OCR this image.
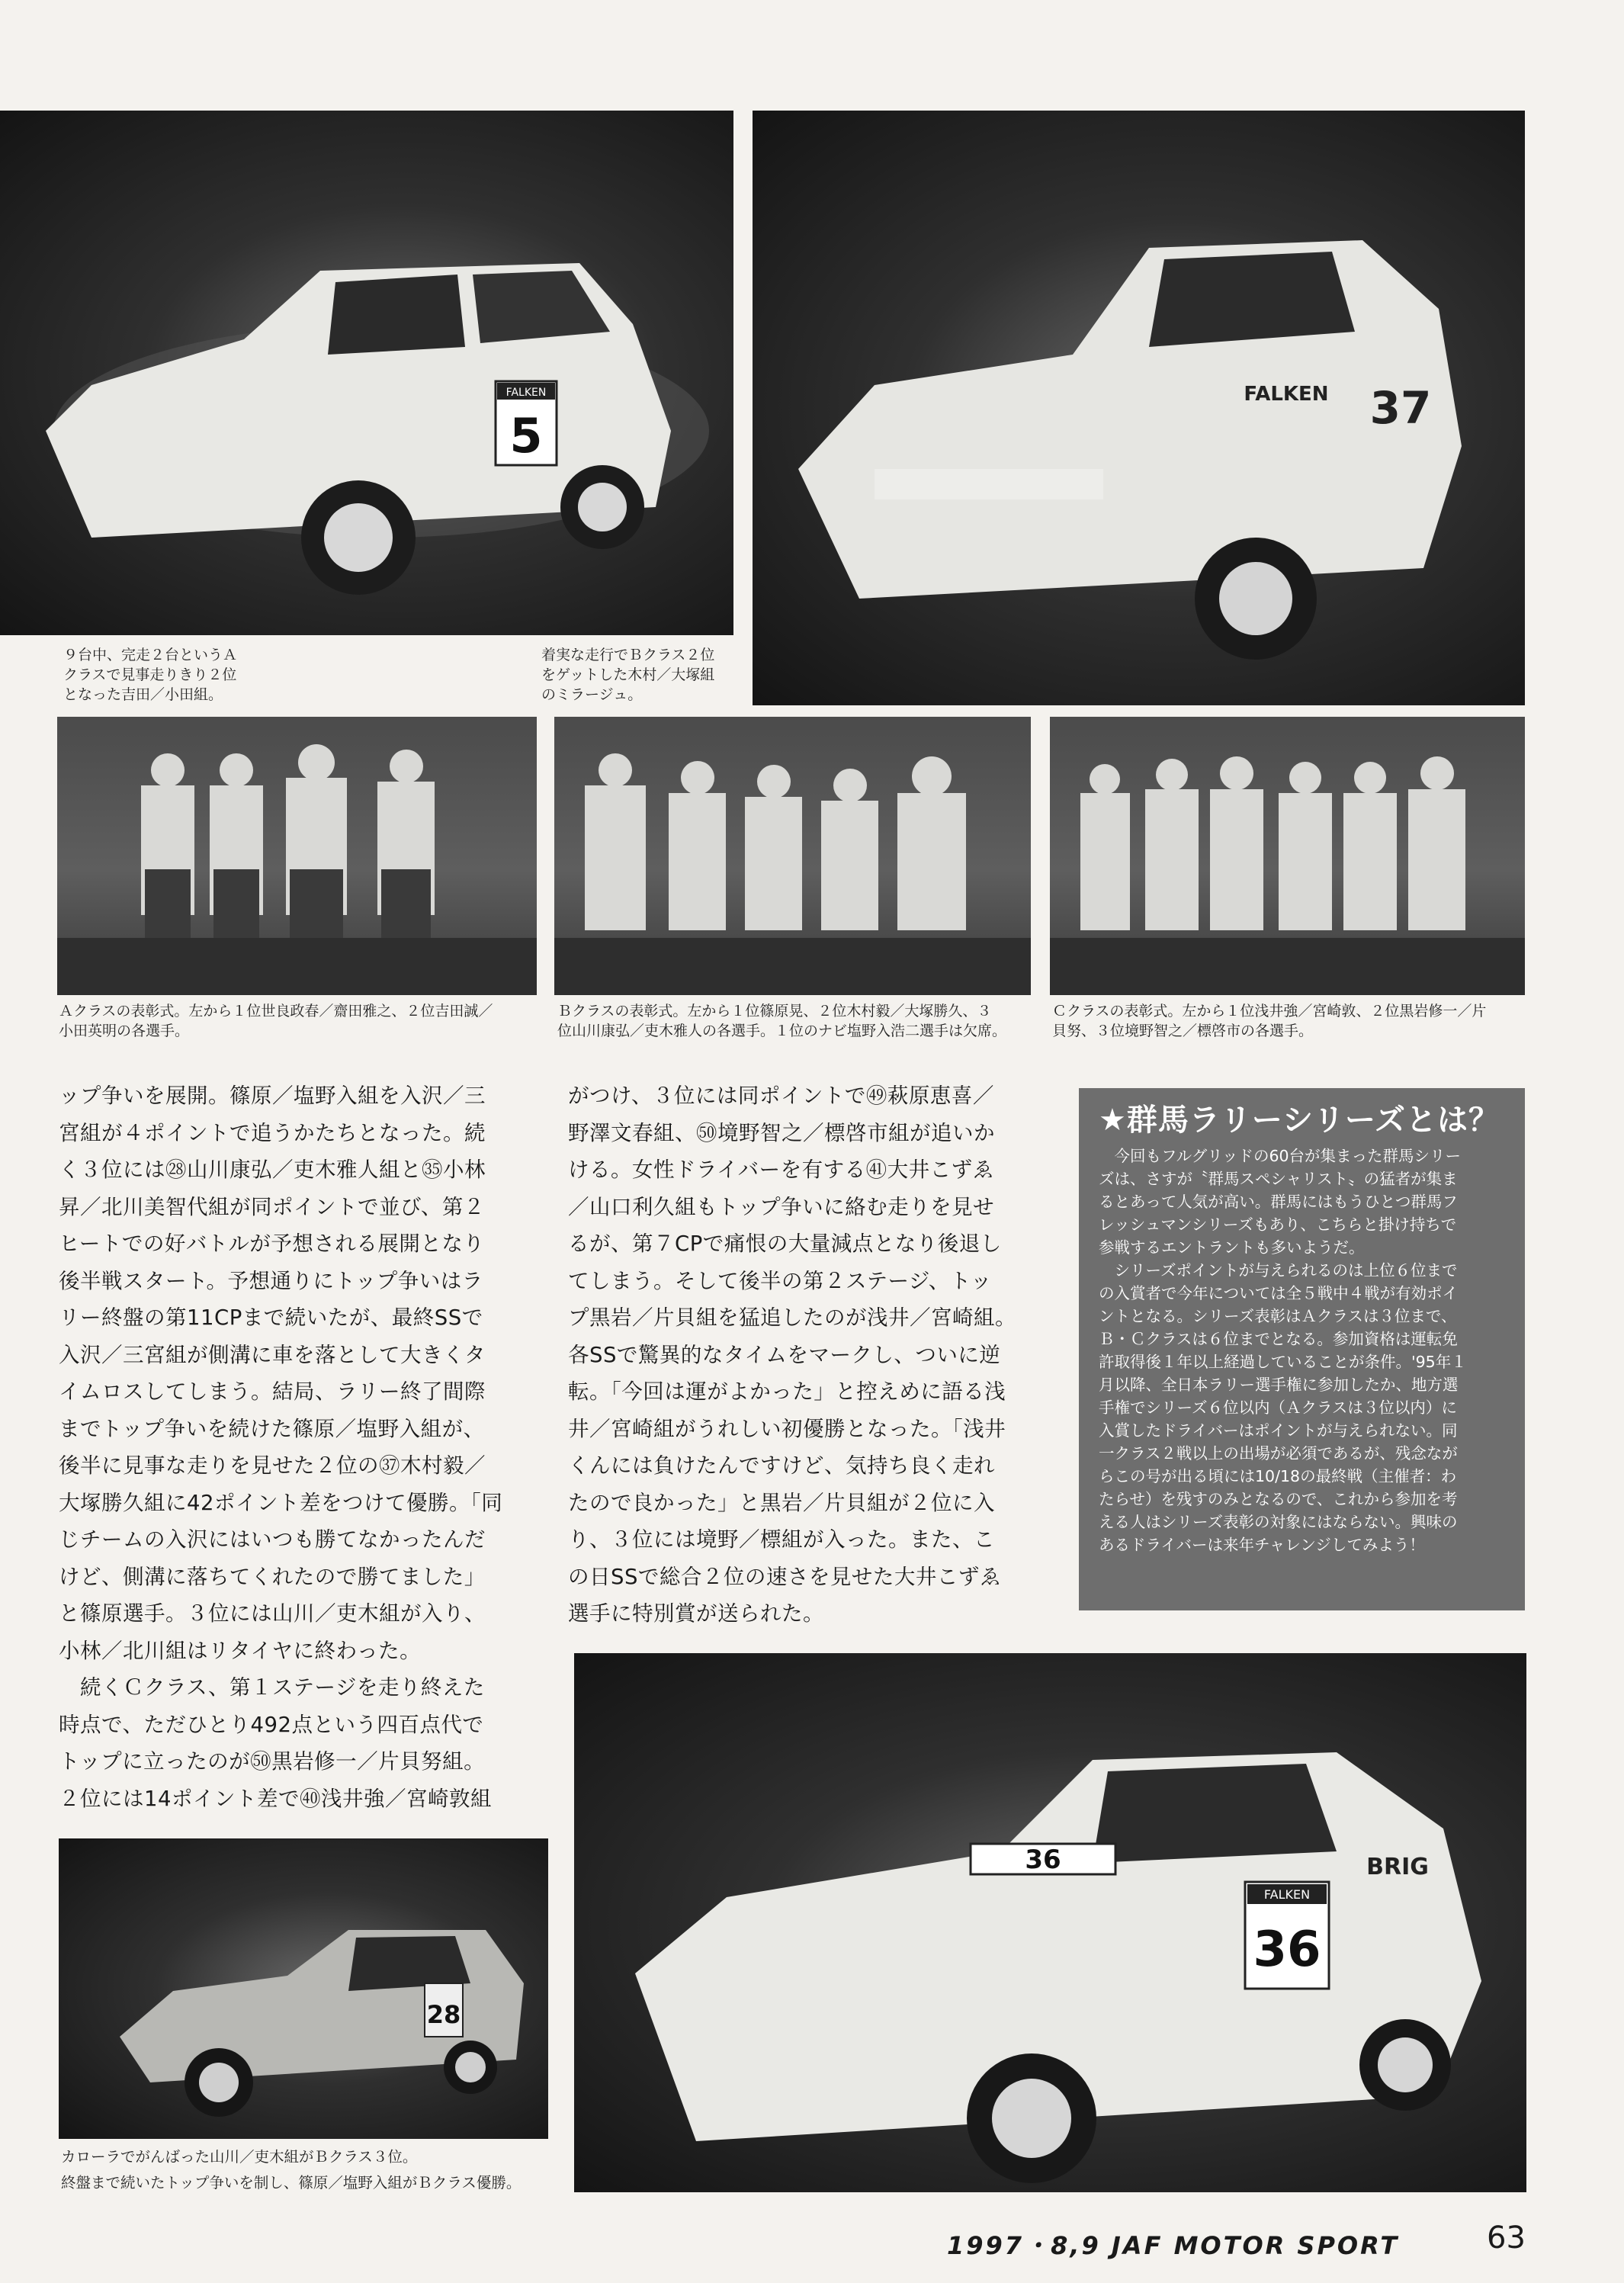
FALKEN
5
FALKEN 37
９台中、完走２台というＡ
クラスで見事走りきり２位
となった吉田／小田組。
着実な走行でＢクラス２位
をゲットした木村／大塚組
のミラージュ。
Ａクラスの表彰式。左から１位世良政春／齋田雅之、２位吉田誠／
小田英明の各選手。
Ｂクラスの表彰式。左から１位篠原晃、２位木村毅／大塚勝久、３
位山川康弘／吏木雅人の各選手。１位のナビ塩野入浩二選手は欠席。
Ｃクラスの表彰式。左から１位浅井強／宮崎敦、２位黒岩修一／片
貝努、３位境野智之／標啓市の各選手。
ップ争いを展開。篠原／塩野入組を入沢／三
宮組が４ポイントで追うかたちとなった。続
く３位には㉘山川康弘／吏木雅人組と㉟小林
昇／北川美智代組が同ポイントで並び、第２
ヒートでの好バトルが予想される展開となり
後半戦スタート。予想通りにトップ争いはラ
リー終盤の第11CPまで続いたが、最終SSで
入沢／三宮組が側溝に車を落として大きくタ
イムロスしてしまう。結局、ラリー終了間際
までトップ争いを続けた篠原／塩野入組が、
後半に見事な走りを見せた２位の㊲木村毅／
大塚勝久組に42ポイント差をつけて優勝。「同
じチームの入沢にはいつも勝てなかったんだ
けど、側溝に落ちてくれたので勝てました」
と篠原選手。３位には山川／吏木組が入り、
小林／北川組はリタイヤに終わった。
　続くＣクラス、第１ステージを走り終えた
時点で、ただひとり492点という四百点代で
トップに立ったのが㊿黒岩修一／片貝努組。
２位には14ポイント差で㊵浅井強／宮崎敦組
がつけ、３位には同ポイントで㊾萩原恵喜／
野澤文春組、㊿境野智之／標啓市組が追いか
ける。女性ドライバーを有する㊶大井こずゑ
／山口利久組もトップ争いに絡む走りを見せ
るが、第７CPで痛恨の大量減点となり後退し
てしまう。そして後半の第２ステージ、トッ
プ黒岩／片貝組を猛追したのが浅井／宮崎組。
各SSで驚異的なタイムをマークし、ついに逆
転。「今回は運がよかった」と控えめに語る浅
井／宮崎組がうれしい初優勝となった。「浅井
くんには負けたんですけど、気持ち良く走れ
たので良かった」と黒岩／片貝組が２位に入
り、３位には境野／標組が入った。また、こ
の日SSで総合２位の速さを見せた大井こずゑ
選手に特別賞が送られた。
★群馬ラリーシリーズとは？

　今回もフルグリッドの60台が集まった群馬シリー
ズは、さすが〝群馬スペシャリスト〟の猛者が集ま
るとあって人気が高い。群馬にはもうひとつ群馬フ
レッシュマンシリーズもあり、こちらと掛け持ちで
参戦するエントラントも多いようだ。
　シリーズポイントが与えられるのは上位６位まで
の入賞者で今年については全５戦中４戦が有効ポイ
ントとなる。シリーズ表彰はＡクラスは３位まで、
Ｂ・Ｃクラスは６位までとなる。参加資格は運転免
許取得後１年以上経過していることが条件。'95年１
月以降、全日本ラリー選手権に参加したか、地方選
手権でシリーズ６位以内（Ａクラスは３位以内）に
入賞したドライバーはポイントが与えられない。同
一クラス２戦以上の出場が必須であるが、残念なが
らこの号が出る頃には10/18の最終戦（主催者：わ
たらせ）を残すのみとなるので、これから参加を考
える人はシリーズ表彰の対象にはならない。興味の
あるドライバーは来年チャレンジしてみよう！

28
カローラでがんばった山川／吏木組がＢクラス３位。
終盤まで続いたトップ争いを制し、篠原／塩野入組がＢクラス優勝。
36
FALKEN
36
BRIG
1997・8,9 JAF MOTOR SPORT	63
